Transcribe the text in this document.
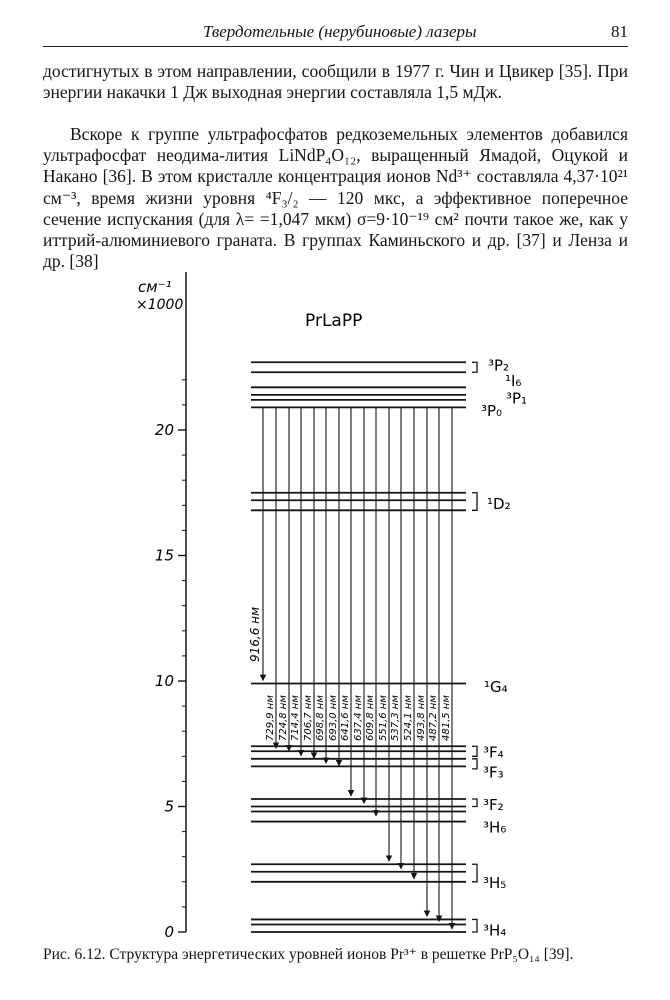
Твердотельные (нерубиновые) лазеры	81

достигнутых в этом направлении, сообщили в 1977 г. Чин и Цвикер [35]. При энергии накачки 1 Дж выходная энергии составляла 1,5 мДж.

Вскоре к группе ультрафосфатов редкоземельных элементов добавился ультрафосфат неодима-лития LiNdP₄O₁₂, выращенный Ямадой, Оцукой и Накано [36]. В этом кристалле концентрация ионов Nd³⁺ составляла 4,37·10²¹ см⁻³, время жизни уровня ⁴F₃/₂ — 120 мкс, а эффективное поперечное сечение испускания (для λ= =1,047 мкм) σ=9·10⁻¹⁹ см² почти такое же, как у иттрий-алюминиевого граната. В группах Каминьского и др. [37] и Ленза и др. [38]

см⁻¹
×1000
PrLaPP
0
5
10
15
20
916,6 нм
729,9 нм 724,8 нм 714,4 нм 706,7 нм 698,8 нм 693,0 нм 641,6 нм 637,4 нм 609,8 нм 551,6 нм 537,3 нм 524,1 нм 493,8 нм 487,2 нм 481,5 нм
³P₂
¹I₆
³P₁
³P₀
¹D₂
¹G₄
³F₄
³F₃
³F₂
³H₆
³H₅
³H₄

Рис. 6.12. Структура энергетических уровней ионов Pr³⁺ в решетке PrP₅O₁₄ [39].
